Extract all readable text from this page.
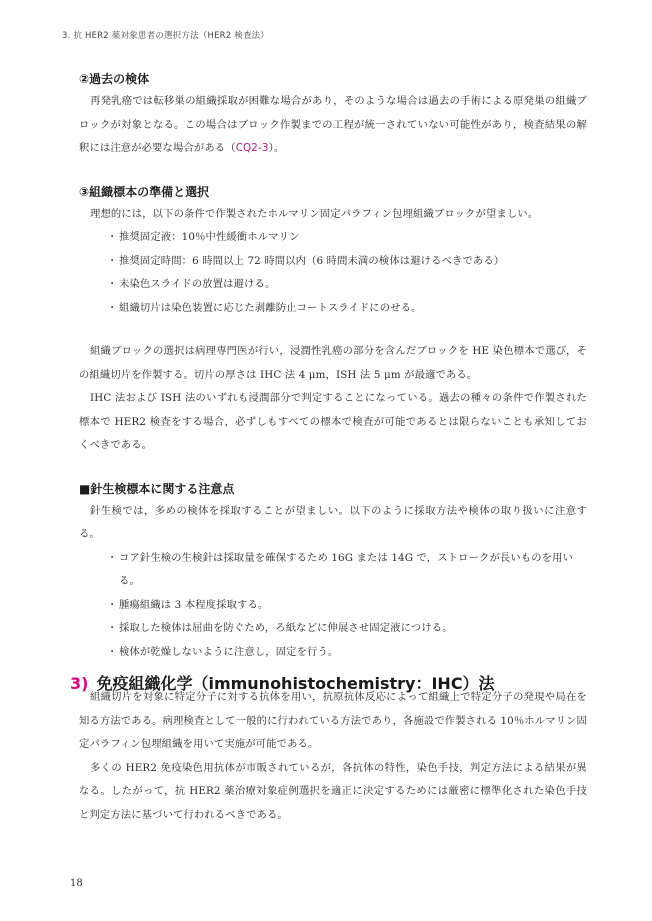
3. 抗 HER2 薬対象患者の選択方法（HER2 検査法）
②過去の検体

再発乳癌では転移巣の組織採取が困難な場合があり，そのような場合は過去の手術による原発巣の組織ブロックが対象となる。この場合はブロック作製までの工程が統一されていない可能性があり，検査結果の解釈には注意が必要な場合がある（CQ2-3）。

③組織標本の準備と選択

理想的には，以下の条件で作製されたホルマリン固定パラフィン包埋組織ブロックが望ましい。

・ 推奨固定液：10％中性緩衝ホルマリン
・ 推奨固定時間：6 時間以上 72 時間以内（6 時間未満の検体は避けるべきである）
・ 未染色スライドの放置は避ける。
・ 組織切片は染色装置に応じた剥離防止コートスライドにのせる。

組織ブロックの選択は病理専門医が行い，浸潤性乳癌の部分を含んだブロックを HE 染色標本で選び，その組織切片を作製する。切片の厚さは IHC 法 4 μm，ISH 法 5 μm が最適である。

IHC 法および ISH 法のいずれも浸潤部分で判定することになっている。過去の種々の条件で作製された標本で HER2 検査をする場合，必ずしもすべての標本で検査が可能であるとは限らないことも承知しておくべきである。

■針生検標本に関する注意点

針生検では，多めの検体を採取することが望ましい。以下のように採取方法や検体の取り扱いに注意する。

・ コア針生検の生検針は採取量を確保するため 16G または 14G で，ストロークが長いものを用いる。
・ 腫瘍組織は 3 本程度採取する。
・ 採取した検体は屈曲を防ぐため，ろ紙などに伸展させ固定液につける。
・ 検体が乾燥しないように注意し，固定を行う。
3) 免疫組織化学（immunohistochemistry：IHC）法

組織切片を対象に特定分子に対する抗体を用い，抗原抗体反応によって組織上で特定分子の発現や局在を知る方法である。病理検査として一般的に行われている方法であり，各施設で作製される 10％ホルマリン固定パラフィン包埋組織を用いて実施が可能である。

多くの HER2 免疫染色用抗体が市販されているが，各抗体の特性，染色手技，判定方法による結果が異なる。したがって，抗 HER2 薬治療対象症例選択を適正に決定するためには厳密に標準化された染色手技と判定方法に基づいて行われるべきである。

18
